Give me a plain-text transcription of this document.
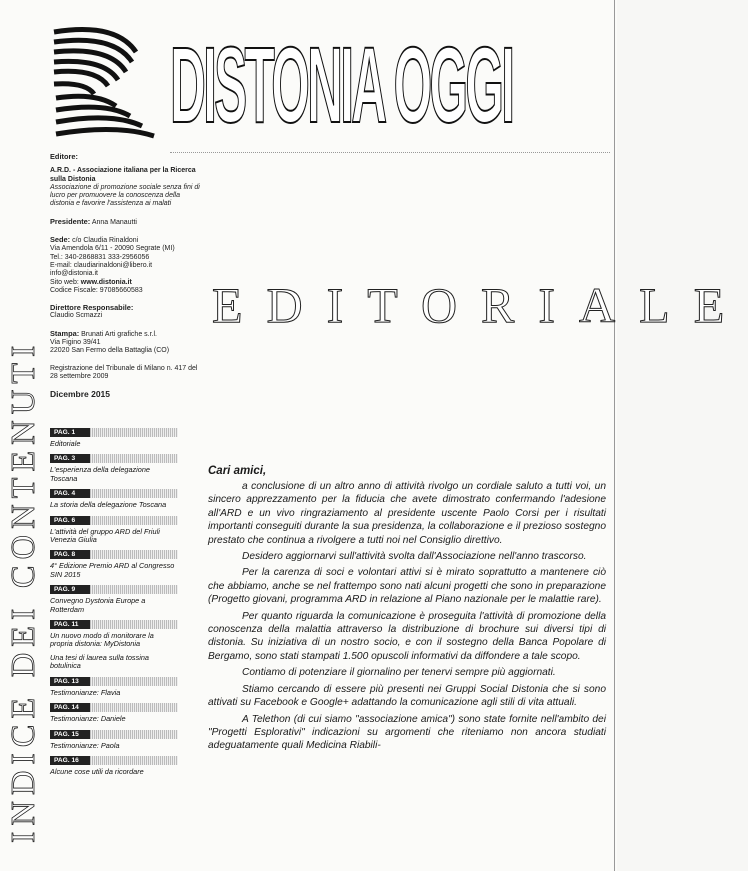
DISTONIA OGGI
Editore:
A.R.D. - Associazione italiana per la Ricerca sulla Distonia
Associazione di promozione sociale senza fini di lucro per promuovere la conoscenza della distonia e favorire l'assistenza ai malati
Presidente: Anna Manautti
Sede: c/o Claudia Rinaldoni
Via Amendola 6/11 - 20090 Segrate (MI)
Tel.: 340-2868831 333-2956056
E-mail: claudiarinaldoni@libero.it
info@distonia.it
Sito web: www.distonia.it
Codice Fiscale: 97085660583
Direttore Responsabile:
Claudio Scmazzi
Stampa: Brunati Arti grafiche s.r.l.
Via Figino 39/41
22020 San Fermo della Battaglia (CO)
Registrazione del Tribunale di Milano n. 417 del 28 settembre 2009
Dicembre 2015
EDITORIALE
INDICE DEI CONTENUTI	PAG. 1
Editoriale
PAG. 3
L'esperienza della delegazione Toscana
PAG. 4
La storia della delegazione Toscana
PAG. 6
L'attività del gruppo ARD del Friuli Venezia Giulia
PAG. 8
4° Edizione Premio ARD al Congresso SIN 2015
PAG. 9
Convegno Dystonia Europe a Rotterdam
PAG. 11
Un nuovo modo di monitorare la propria distonia: MyDistonia
Una tesi di laurea sulla tossina botulinica
PAG. 13
Testimonianze: Flavia
PAG. 14
Testimonianze: Daniele
PAG. 15
Testimonianze: Paola
PAG. 16
Alcune cose utili da ricordare
Cari amici,

a conclusione di un altro anno di attività rivolgo un cordiale saluto a tutti voi, un sincero apprezzamento per la fiducia che avete dimostrato confermando l'adesione all'ARD e un vivo ringraziamento al presidente uscente Paolo Corsi per i risultati importanti conseguiti durante la sua presidenza, la collaborazione e il prezioso sostegno prestato che continua a rivolgere a tutti noi nel Consiglio direttivo.

Desidero aggiornarvi sull'attività svolta dall'Associazione nell'anno trascorso.

Per la carenza di soci e volontari attivi si è mirato soprattutto a mantenere ciò che abbiamo, anche se nel frattempo sono nati alcuni progetti che sono in preparazione (Progetto giovani, programma ARD in relazione al Piano nazionale per le malattie rare).

Per quanto riguarda la comunicazione è proseguita l'attività di promozione della conoscenza della malattia attraverso la distribuzione di brochure sui diversi tipi di distonia. Su iniziativa di un nostro socio, e con il sostegno della Banca Popolare di Bergamo, sono stati stampati 1.500 opuscoli informativi da diffondere a tale scopo.

Contiamo di potenziare il giornalino per tenervi sempre più aggiornati.

Stiamo cercando di essere più presenti nei Gruppi Social Distonia che si sono attivati su Facebook e Google+ adattando la comunicazione agli stili di vita attuali.

A Telethon (di cui siamo "associazione amica") sono state fornite nell'ambito dei "Progetti Esplorativi" indicazioni su argomenti che riteniamo non ancora studiati adeguatamente quali Medicina Riabili-
